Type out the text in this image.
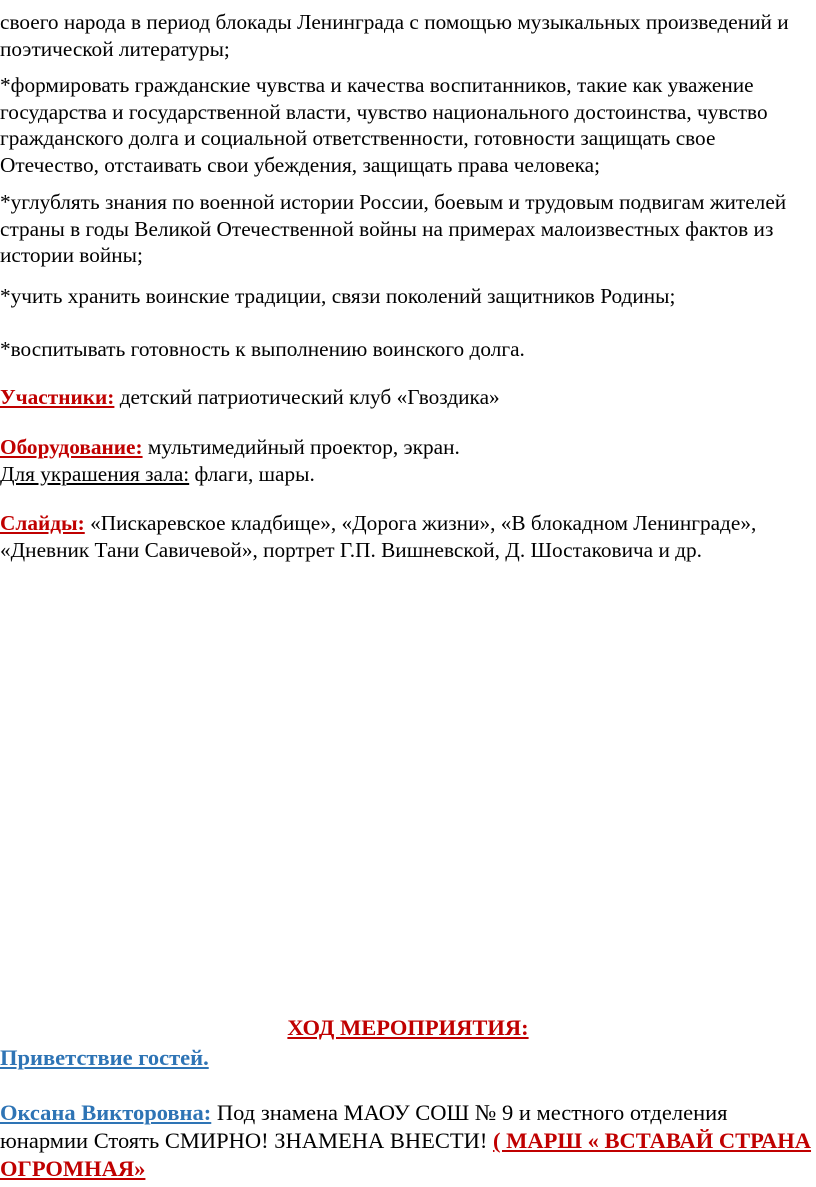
своего народа в период блокады Ленинграда с помощью музыкальных произведений и
поэтической литературы;

*формировать гражданские чувства и качества воспитанников, такие как уважение государства и государственной власти, чувство национального достоинства, чувство гражданского долга и социальной ответственности, готовности защищать свое Отечество, отстаивать свои убеждения, защищать права человека;

*углублять знания по военной истории России, боевым и трудовым подвигам жителей страны в годы Великой Отечественной войны на примерах малоизвестных фактов из истории войны;

*учить хранить воинские традиции, связи поколений защитников Родины;

*воспитывать готовность к выполнению воинского долга.

Участники: детский патриотический клуб «Гвоздика»

Оборудование: мультимедийный проектор, экран.
Для украшения зала: флаги, шары.

Слайды: «Пискаревское кладбище», «Дорога жизни», «В блокадном Ленинграде», «Дневник Тани Савичевой», портрет Г.П. Вишневской, Д. Шостаковича и др.

ХОД МЕРОПРИЯТИЯ:

Приветствие гостей.

Оксана Викторовна: Под знамена МАОУ СОШ № 9 и местного отделения юнармии Стоять СМИРНО! ЗНАМЕНА ВНЕСТИ! ( МАРШ « ВСТАВАЙ СТРАНА ОГРОМНАЯ»
